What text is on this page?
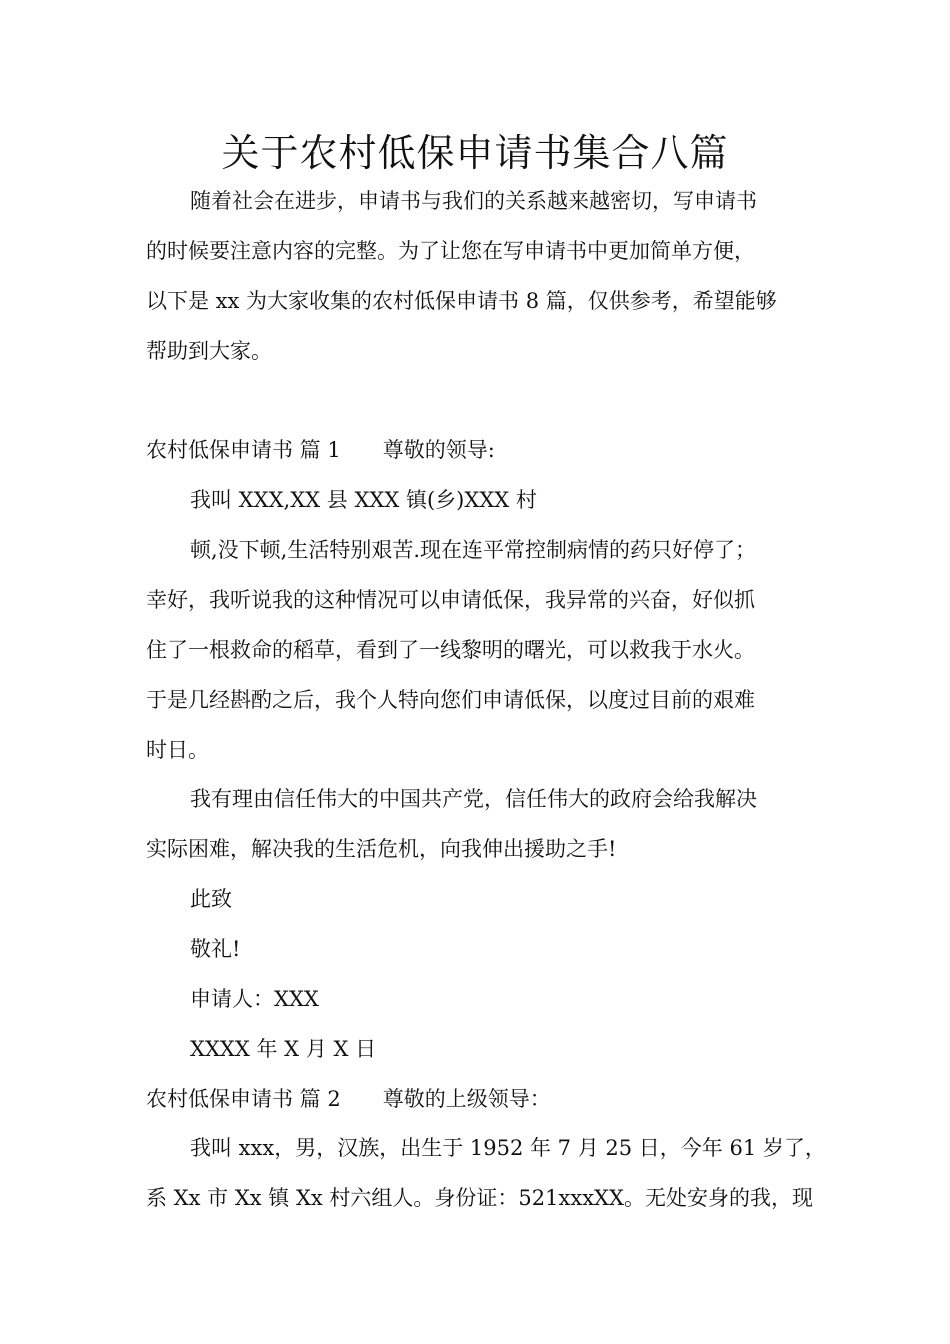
关于农村低保申请书集合八篇

随着社会在进步，申请书与我们的关系越来越密切，写申请书

的时候要注意内容的完整。为了让您在写申请书中更加简单方便，

以下是 xx 为大家收集的农村低保申请书 8 篇，仅供参考，希望能够

帮助到大家。

农村低保申请书 篇 1 尊敬的领导:

我叫 XXX,XX 县 XXX 镇(乡)XXX 村

顿,没下顿,生活特别艰苦.现在连平常控制病情的药只好停了；

幸好，我听说我的这种情况可以申请低保，我异常的兴奋，好似抓

住了一根救命的稻草，看到了一线黎明的曙光，可以救我于水火。

于是几经斟酌之后，我个人特向您们申请低保，以度过目前的艰难

时日。

我有理由信任伟大的中国共产党，信任伟大的政府会给我解决

实际困难，解决我的生活危机，向我伸出援助之手!

此致

敬礼!

申请人：XXX

XXXX 年 X 月 X 日

农村低保申请书 篇 2 尊敬的上级领导：

我叫 xxx，男，汉族，出生于 1952 年 7 月 25 日，今年 61 岁了，

系 Xx 市 Xx 镇 Xx 村六组人。身份证：521xxxXX。无处安身的我，现
